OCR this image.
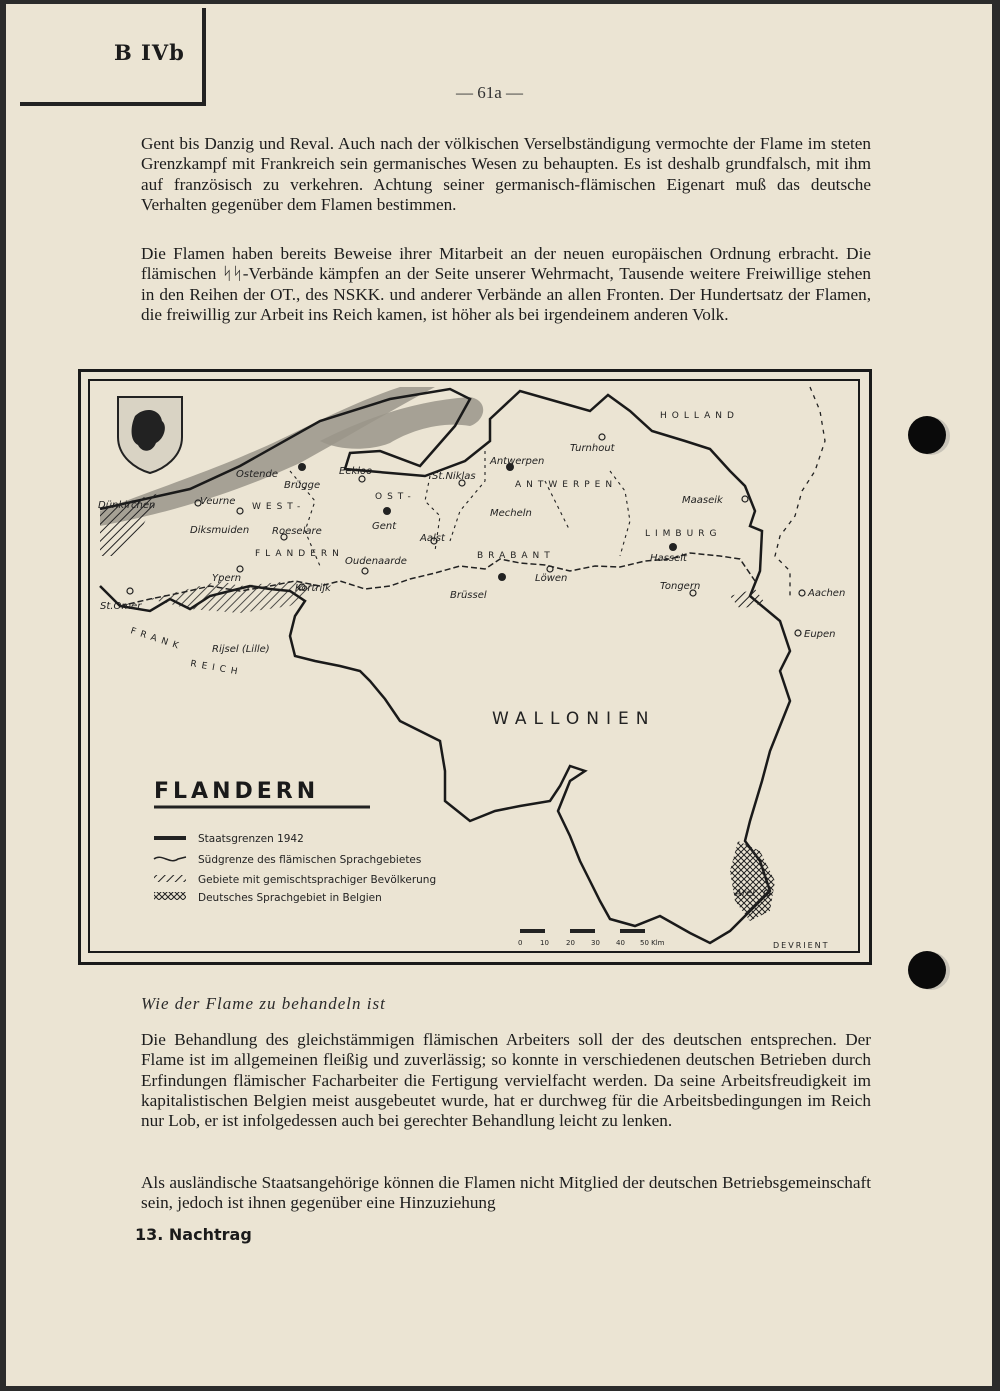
B IVb
— 61a —

Gent bis Danzig und Reval. Auch nach der völkischen Verselbständigung vermochte der Flame im steten Grenzkampf mit Frankreich sein germanisches Wesen zu behaupten. Es ist deshalb grundfalsch, mit ihm auf französisch zu verkehren. Achtung seiner germanisch-flämischen Eigenart muß das deutsche Verhalten gegenüber dem Flamen bestimmen.

Die Flamen haben bereits Beweise ihrer Mitarbeit an der neuen europäischen Ordnung erbracht. Die flämischen ᛋᛋ-Verbände kämpfen an der Seite unserer Wehrmacht, Tausende weitere Freiwillige stehen in den Reihen der OT., des NSKK. und anderer Verbände an allen Fronten. Der Hundertsatz der Flamen, die freiwillig zur Arbeit ins Reich kamen, ist höher als bei irgendeinem anderen Volk.

Dünkirchen	Veurne
Ostende
Brügge
Eekloo	St.Niklas
Antwerpen
Turnhout
Maaseik
Diksmuiden Roeselare	Gent
Mecheln
Aalst
Oudenaarde	Hasselt
Ypern
Kortrijk
Brüssel
Löwen
Tongern
Aachen
St.Omer
Eupen
Rijsel (Lille)
Arel
HOLLAND
ANTWERPEN
OST-
WEST-
FLANDERN	BRABANT
LIMBURG
FRANK
REICH
WALLONIEN
FLANDERN
Staatsgrenzen 1942
Südgrenze des flämischen Sprachgebietes
Gebiete mit gemischtsprachiger Bevölkerung
Deutsches Sprachgebiet in Belgien
0	10 20 30 40 50 Klm	DEVRIENT
Wie der Flame zu behandeln ist

Die Behandlung des gleichstämmigen flämischen Arbeiters soll der des deutschen entsprechen. Der Flame ist im allgemeinen fleißig und zuverlässig; so konnte in verschiedenen deutschen Betrieben durch Erfindungen flämischer Facharbeiter die Fertigung vervielfacht werden. Da seine Arbeitsfreudigkeit im kapitalistischen Belgien meist ausgebeutet wurde, hat er durchweg für die Arbeitsbedingungen im Reich nur Lob, er ist infolgedessen auch bei gerechter Behandlung leicht zu lenken.

Als ausländische Staatsangehörige können die Flamen nicht Mitglied der deutschen Betriebsgemeinschaft sein, jedoch ist ihnen gegenüber eine Hinzuziehung

13. Nachtrag
